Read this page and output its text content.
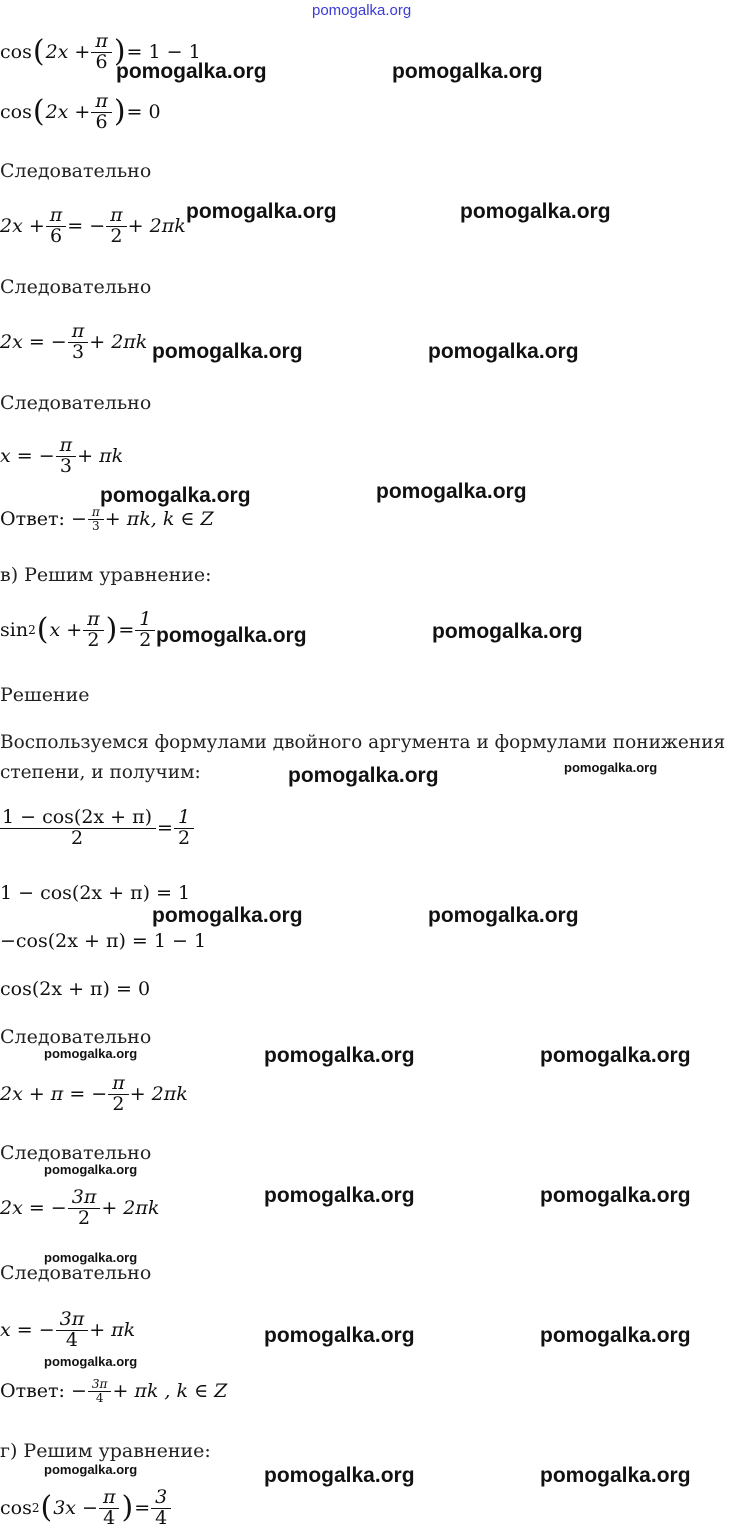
pomogalka.org
cos ( $2x + \frac{\pi}{6}$ ) = 1 − 1
pomogalka.org	pomogalka.org
cos ( $2x + \frac{\pi}{6}$ ) = 0
Следовательно
$2x + \frac{\pi}{6}$ = − $\frac{\pi}{2} + 2\pi k$
pomogalka.org	pomogalka.org
Следовательно
2x = − $\frac{\pi}{3} + 2\pi k$ pomogalka.org	pomogalka.org
Следовательно
x = − $\frac{\pi}{3} + \pi k$
pomogalka.org	pomogalka.org
Ответ: − $\frac{\pi}{3} + \pi k$, k ∈ Z
в) Решим уравнение:
sin 2 ( $x + \frac{\pi}{2}$ ) = $\frac{1}{2}$ pomogalka.org	pomogalka.org
Решение
Воспользуемся формулами двойного аргумента и формулами понижения
степени, и получим:	pomogalka.org	pomogalka.org
$\frac{1 - \cos(2x + \pi)}{2} = \frac{1}{2}$
1 − cos(2x + π) = 1
pomogalka.org	pomogalka.org
−cos(2x + π) = 1 − 1
cos(2x + π) = 0
Следовательно
pomogalka.org	pomogalka.org	pomogalka.org
2x + π = − $\frac{\pi}{2} + 2\pi k$
Следовательно
pomogalka.org
pomogalka.org	pomogalka.org
2x = − $\frac{3\pi}{2} + 2\pi k$
pomogalka.org
Следовательно
x = − $\frac{3\pi}{4} + \pi k$	pomogalka.org	pomogalka.org
pomogalka.org
Ответ: − $\frac{3\pi}{4} + \pi k$ , k ∈ Z
г) Решим уравнение:
pomogalka.org	pomogalka.org	pomogalka.org
cos 2 ( $3x - \frac{\pi}{4}$ ) = $\frac{3}{4}$
